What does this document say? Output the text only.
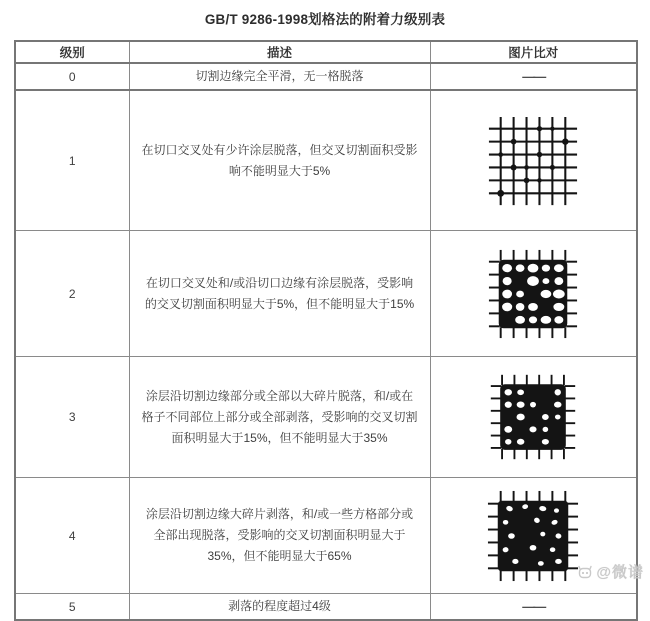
GB/T 9286-1998划格法的附着力级别表
级别	描述	图片比对
0	切割边缘完全平滑，无一格脱落	——
1	在切口交叉处有少许涂层脱落，但交叉切割面积受影响不能明显大于5%	

2	在切口交叉处和/或沿切口边缘有涂层脱落，受影响的交叉切割面积明显大于5%，但不能明显大于15%	

3	涂层沿切割边缘部分或全部以大碎片脱落，和/或在格子不同部位上部分或全部剥落，受影响的交叉切割面积明显大于15%，但不能明显大于35%	

4	涂层沿切割边缘大碎片剥落，和/或一些方格部分或全部出现脱落，受影响的交叉切割面积明显大于35%，但不能明显大于65%	

5	剥落的程度超过4级	——
@微谱
